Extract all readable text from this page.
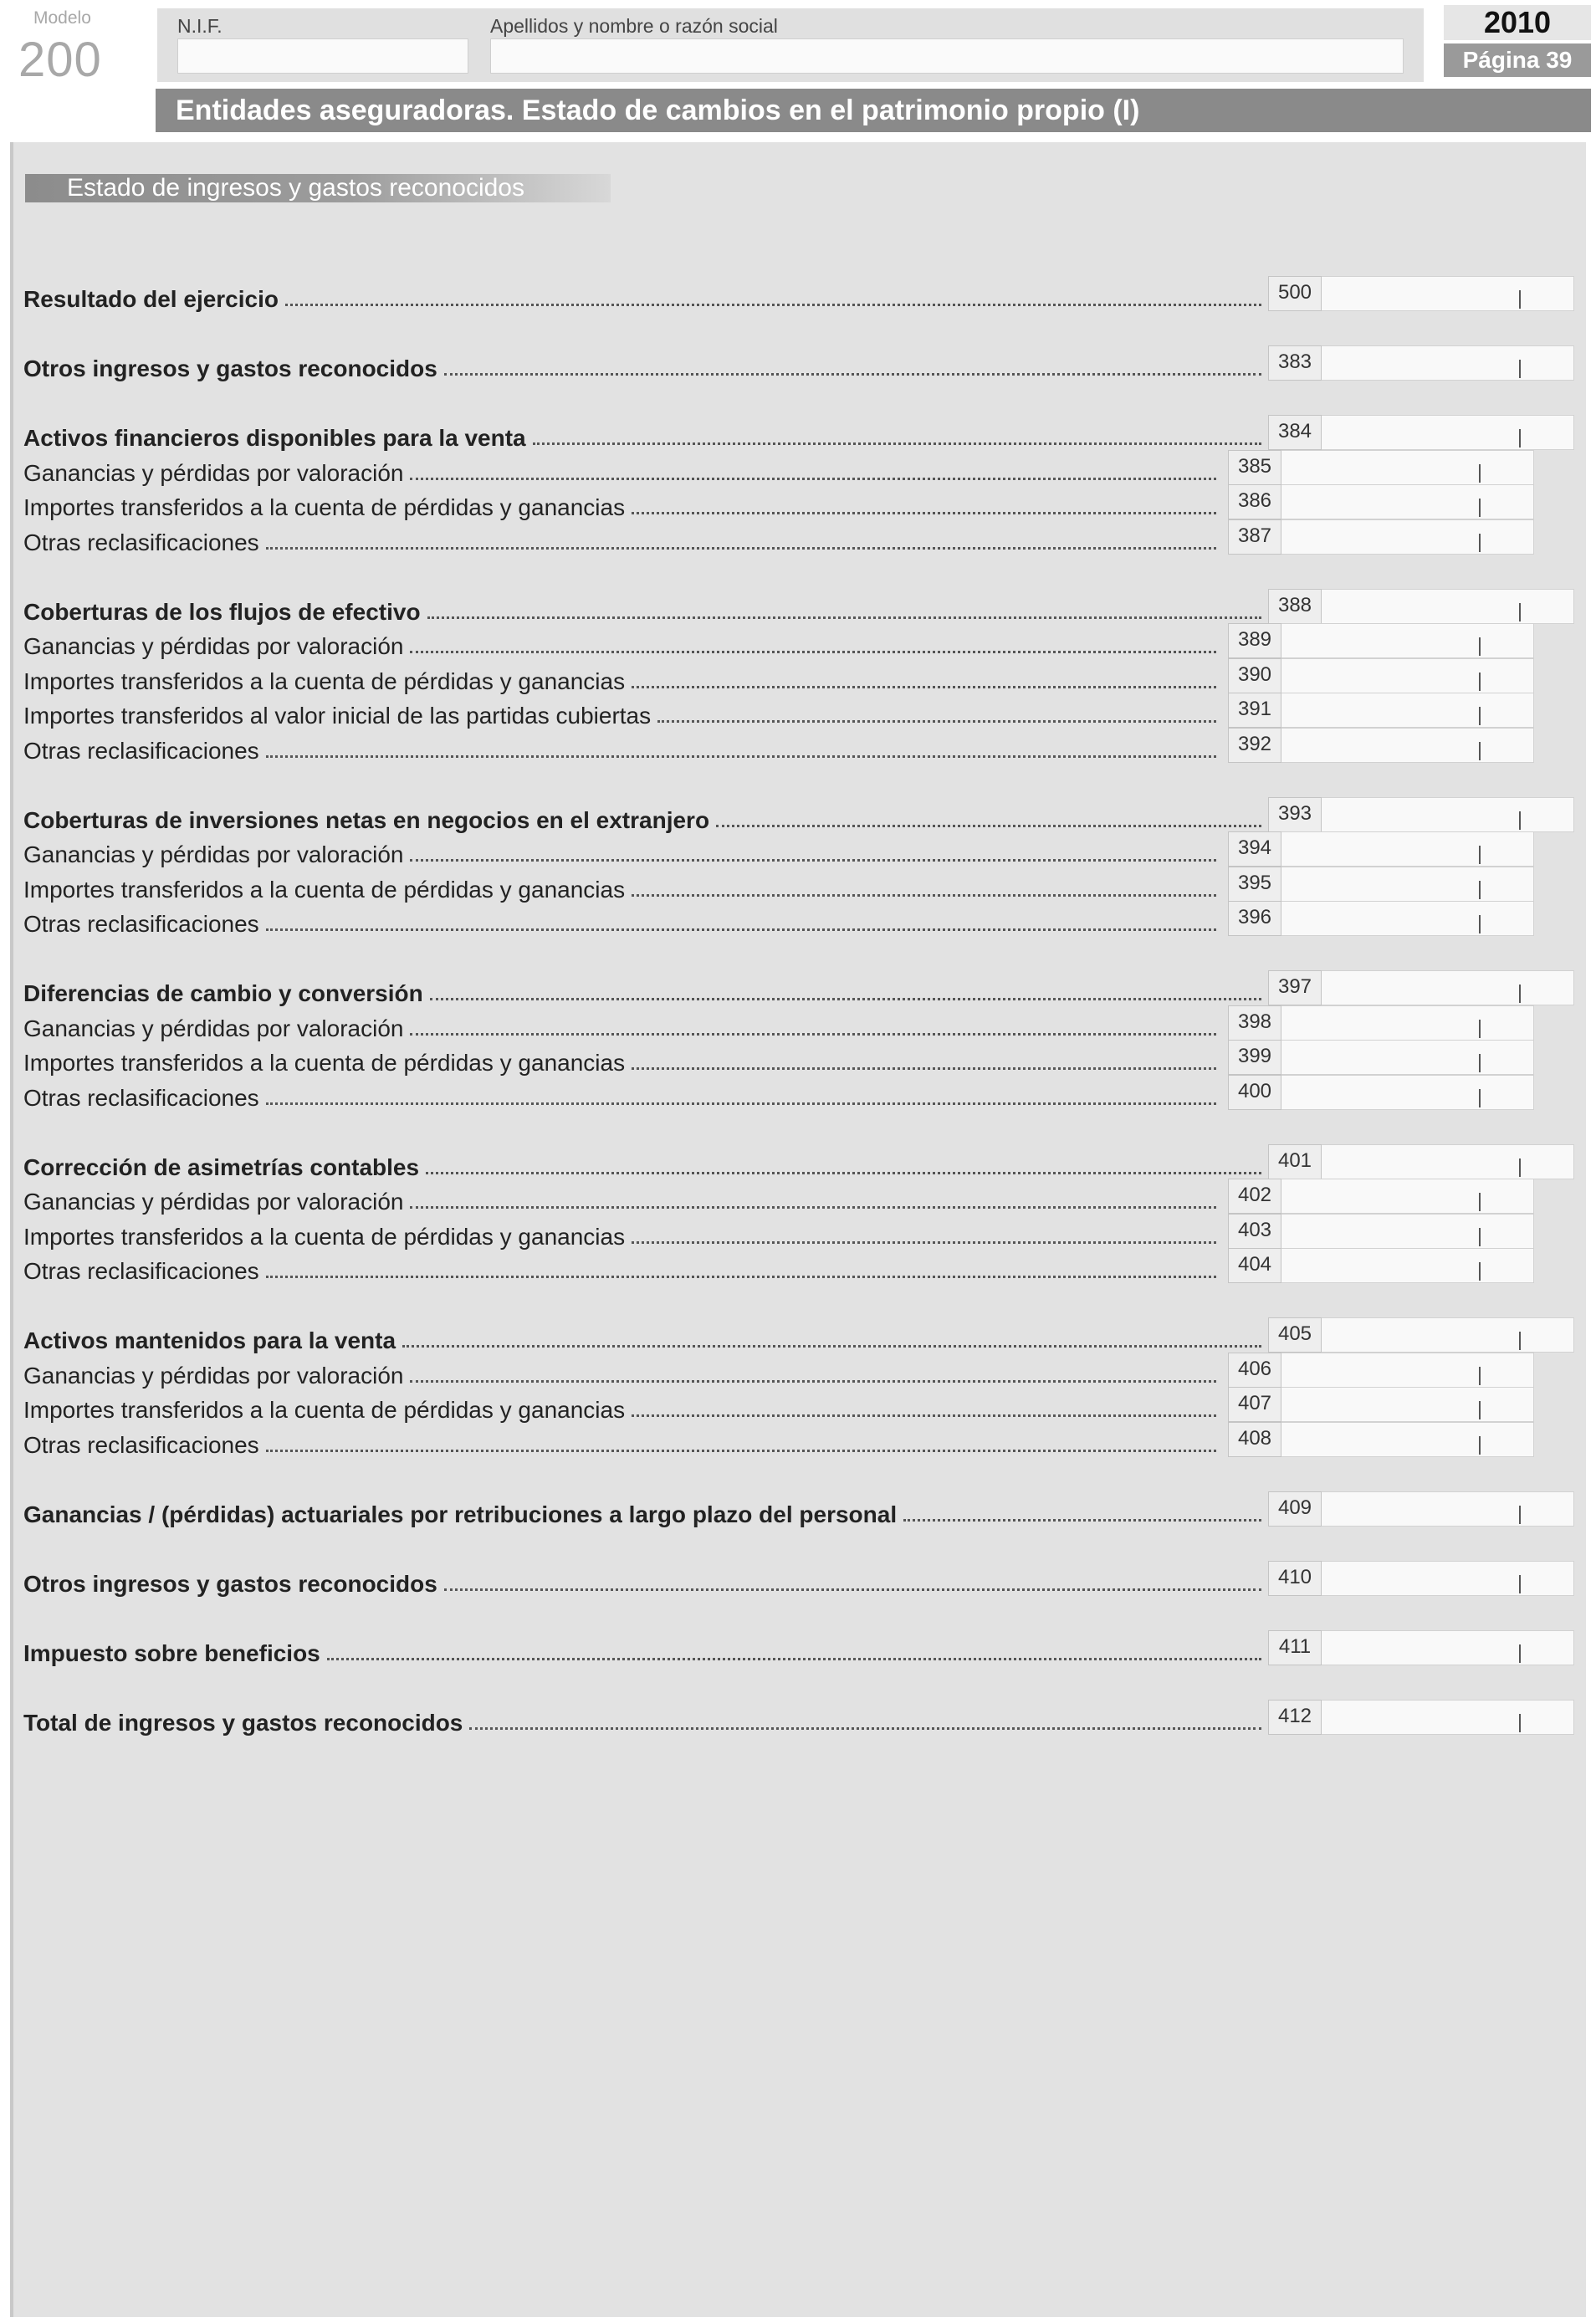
Modelo
200
N.I.F.	Apellidos y nombre o razón social	2010
Página 39
Entidades aseguradoras. Estado de cambios en el patrimonio propio (I)
Estado de ingresos y gastos reconocidos
Resultado del ejercicio	500
Otros ingresos y gastos reconocidos	383
Activos financieros disponibles para la venta	384
Ganancias y pérdidas por valoración	385
Importes transferidos a la cuenta de pérdidas y ganancias	386
Otras reclasificaciones	387
Coberturas de los flujos de efectivo	388
Ganancias y pérdidas por valoración	389
Importes transferidos a la cuenta de pérdidas y ganancias	390
Importes transferidos al valor inicial de las partidas cubiertas	391
Otras reclasificaciones	392
Coberturas de inversiones netas en negocios en el extranjero	393
Ganancias y pérdidas por valoración	394
Importes transferidos a la cuenta de pérdidas y ganancias	395
Otras reclasificaciones	396
Diferencias de cambio y conversión	397
Ganancias y pérdidas por valoración	398
Importes transferidos a la cuenta de pérdidas y ganancias	399
Otras reclasificaciones	400
Corrección de asimetrías contables	401
Ganancias y pérdidas por valoración	402
Importes transferidos a la cuenta de pérdidas y ganancias	403
Otras reclasificaciones	404
Activos mantenidos para la venta	405
Ganancias y pérdidas por valoración	406
Importes transferidos a la cuenta de pérdidas y ganancias	407
Otras reclasificaciones	408
Ganancias / (pérdidas) actuariales por retribuciones a largo plazo del personal	409
Otros ingresos y gastos reconocidos	410
Impuesto sobre beneficios	411
Total de ingresos y gastos reconocidos	412
